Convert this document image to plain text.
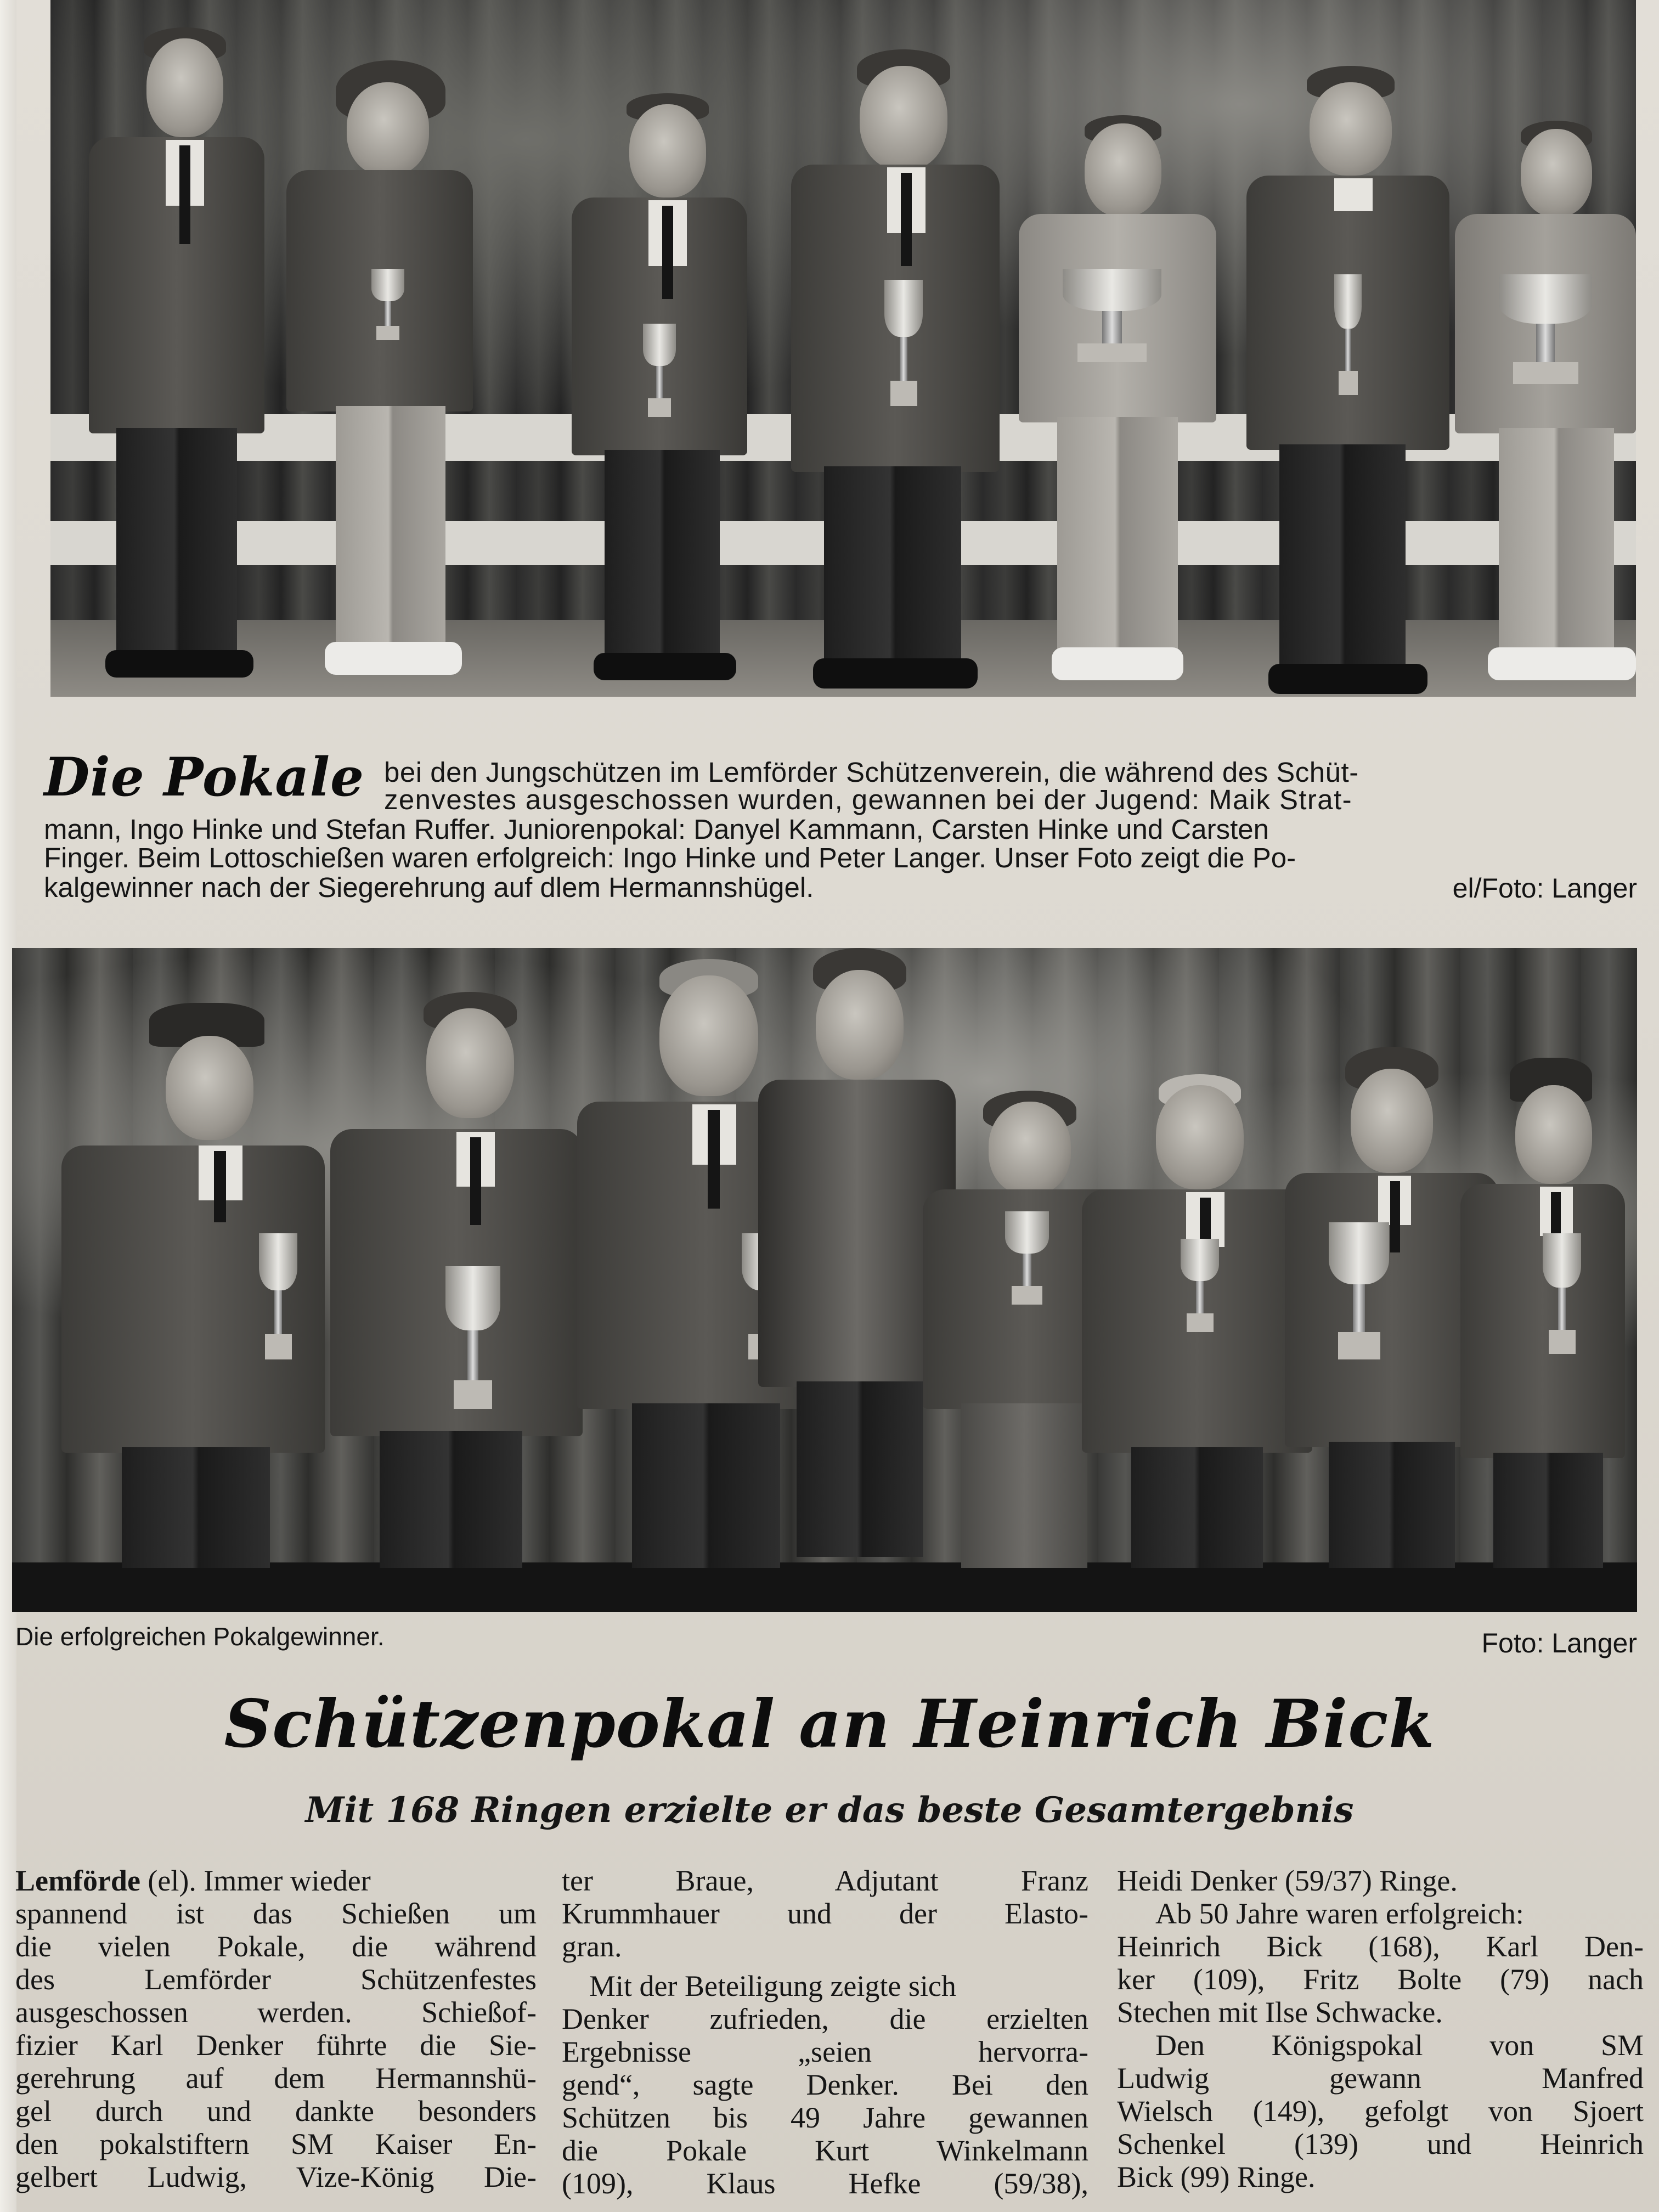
Die Pokale bei den Jungschützen im Lemförder Schützenverein, die während des Schüt-
zenvestes ausgeschossen wurden, gewannen bei der Jugend: Maik Strat-
mann, Ingo Hinke und Stefan Ruffer. Juniorenpokal: Danyel Kammann, Carsten Hinke und Carsten
Finger. Beim Lottoschießen waren erfolgreich: Ingo Hinke und Peter Langer. Unser Foto zeigt die Po-
kalgewinner nach der Siegerehrung auf dlem Hermannshügel.	el/Foto: Langer
Die erfolgreichen Pokalgewinner.	Foto: Langer
Schützenpokal an Heinrich Bick
Mit 168 Ringen erzielte er das beste Gesamtergebnis
Lemförde (el). Immer wieder
spannend ist das Schießen um
die vielen Pokale, die während
des Lemförder Schützenfestes
ausgeschossen werden. Schießof-
fizier Karl Denker führte die Sie-
gerehrung auf dem Hermannshü-
gel durch und dankte besonders
den pokalstiftern SM Kaiser En-
gelbert Ludwig, Vize-König Die-
ter Braue, Adjutant Franz
Krummhauer und der Elasto-
gran.
Mit der Beteiligung zeigte sich
Denker zufrieden, die erzielten
Ergebnisse „seien hervorra-
gend“, sagte Denker. Bei den
Schützen bis 49 Jahre gewannen
die Pokale Kurt Winkelmann
(109), Klaus Hefke (59/38),
Heidi Denker (59/37) Ringe.
Ab 50 Jahre waren erfolgreich:
Heinrich Bick (168), Karl Den-
ker (109), Fritz Bolte (79) nach
Stechen mit Ilse Schwacke.
Den Königspokal von SM
Ludwig gewann Manfred
Wielsch (149), gefolgt von Sjoert
Schenkel (139) und Heinrich
Bick (99) Ringe.
